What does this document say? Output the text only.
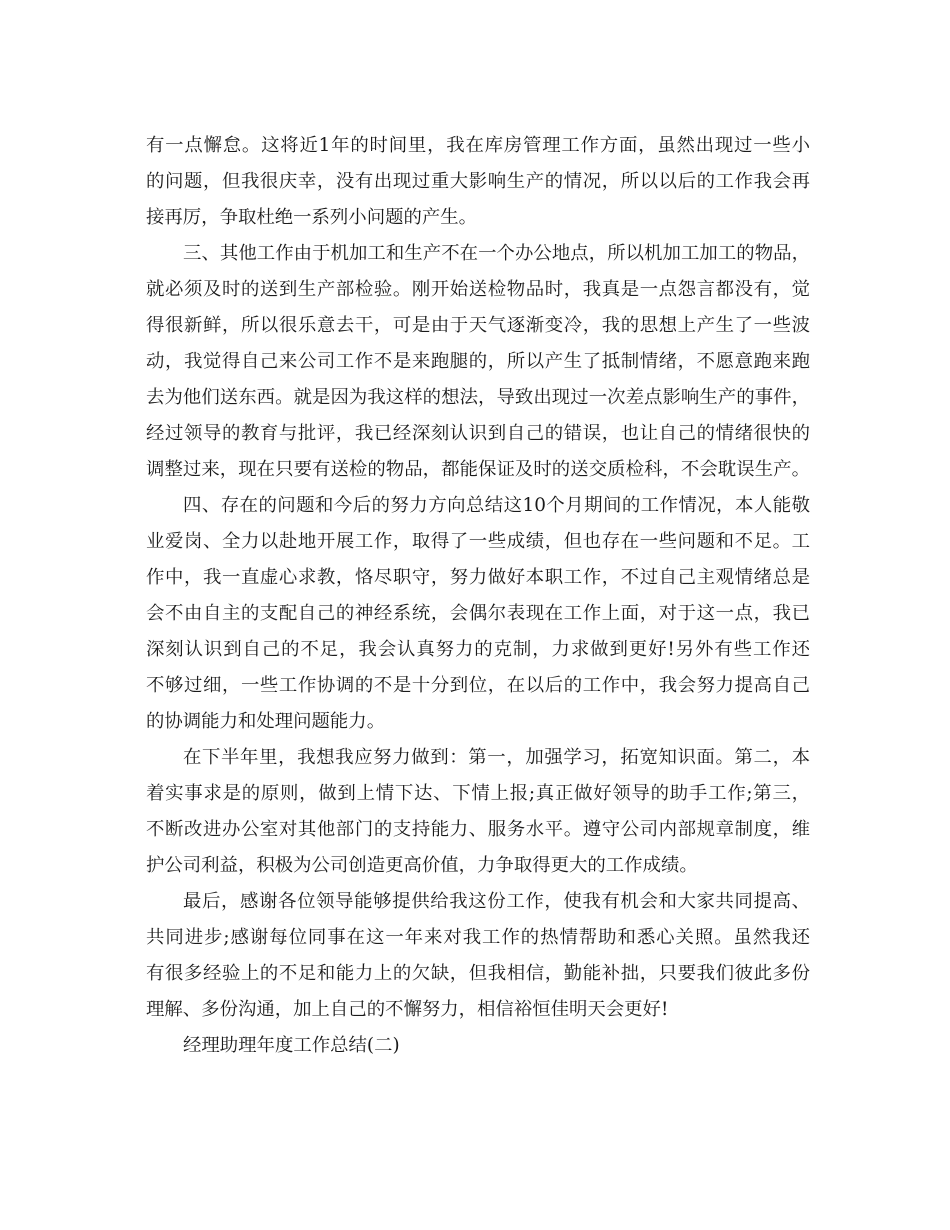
有一点懈怠。这将近1年的时间里，我在库房管理工作方面，虽然出现过一些小
的问题，但我很庆幸，没有出现过重大影响生产的情况，所以以后的工作我会再
接再厉，争取杜绝一系列小问题的产生。
三、其他工作由于机加工和生产不在一个办公地点，所以机加工加工的物品，
就必须及时的送到生产部检验。刚开始送检物品时，我真是一点怨言都没有，觉
得很新鲜，所以很乐意去干，可是由于天气逐渐变冷，我的思想上产生了一些波
动，我觉得自己来公司工作不是来跑腿的，所以产生了抵制情绪，不愿意跑来跑
去为他们送东西。就是因为我这样的想法，导致出现过一次差点影响生产的事件，
经过领导的教育与批评，我已经深刻认识到自己的错误，也让自己的情绪很快的
调整过来，现在只要有送检的物品，都能保证及时的送交质检科，不会耽误生产。
四、存在的问题和今后的努力方向总结这10个月期间的工作情况，本人能敬
业爱岗、全力以赴地开展工作，取得了一些成绩，但也存在一些问题和不足。工
作中，我一直虚心求教，恪尽职守，努力做好本职工作，不过自己主观情绪总是
会不由自主的支配自己的神经系统，会偶尔表现在工作上面，对于这一点，我已
深刻认识到自己的不足，我会认真努力的克制，力求做到更好!另外有些工作还
不够过细，一些工作协调的不是十分到位，在以后的工作中，我会努力提高自己
的协调能力和处理问题能力。
在下半年里，我想我应努力做到：第一，加强学习，拓宽知识面。第二，本
着实事求是的原则，做到上情下达、下情上报;真正做好领导的助手工作;第三，
不断改进办公室对其他部门的支持能力、服务水平。遵守公司内部规章制度，维
护公司利益，积极为公司创造更高价值，力争取得更大的工作成绩。
最后，感谢各位领导能够提供给我这份工作，使我有机会和大家共同提高、
共同进步;感谢每位同事在这一年来对我工作的热情帮助和悉心关照。虽然我还
有很多经验上的不足和能力上的欠缺，但我相信，勤能补拙，只要我们彼此多份
理解、多份沟通，加上自己的不懈努力，相信裕恒佳明天会更好!
经理助理年度工作总结(二)
